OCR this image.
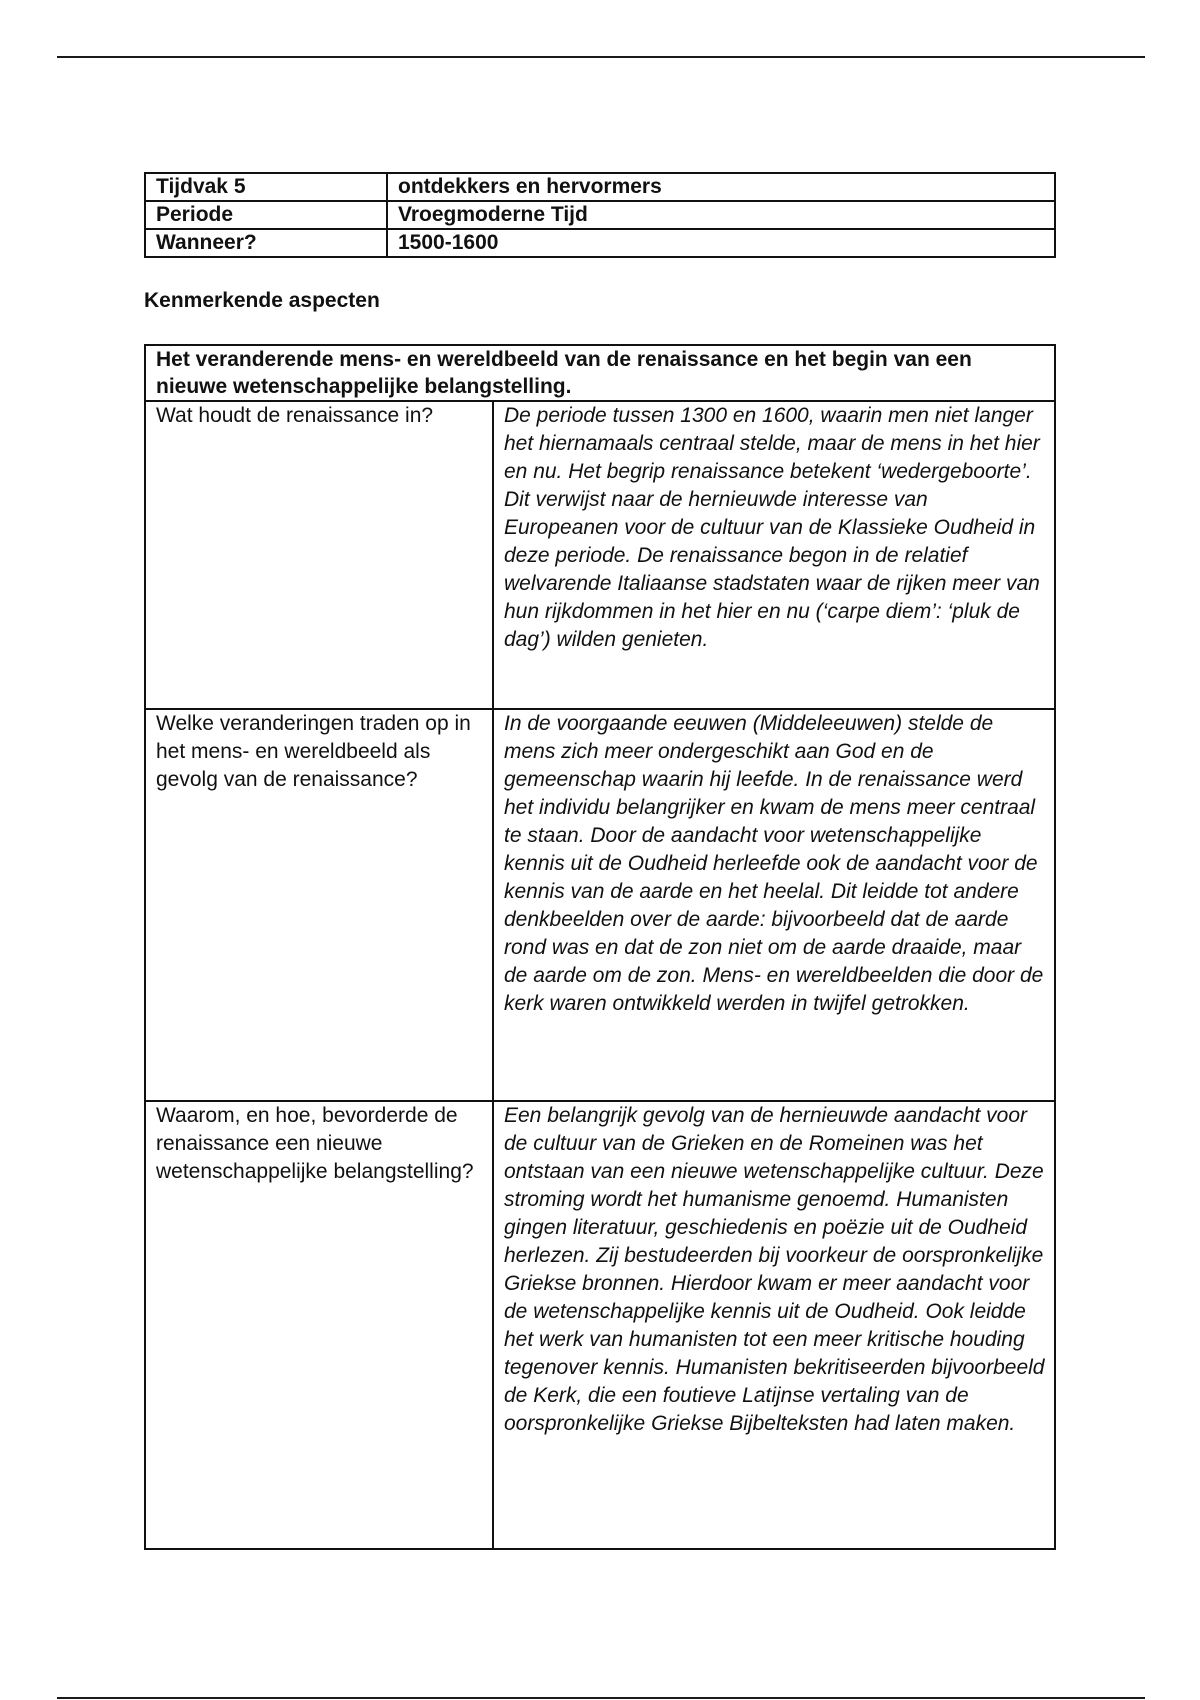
Tijdvak 5	ontdekkers en hervormers
Periode	Vroegmoderne Tijd
Wanneer?	1500-1600
Kenmerkende aspecten
Het veranderende mens- en wereldbeeld van de renaissance en het begin van een nieuwe wetenschappelijke belangstelling.	
Wat houdt de renaissance in?	De periode tussen 1300 en 1600, waarin men niet langer het hiernamaals centraal stelde, maar de mens in het hier en nu. Het begrip renaissance betekent ‘wedergeboorte’. Dit verwijst naar de hernieuwde interesse van Europeanen voor de cultuur van de Klassieke Oudheid in deze periode. De renaissance begon in de relatief welvarende Italiaanse stadstaten waar de rijken meer van hun rijkdommen in het hier en nu (‘carpe diem’: ‘pluk de dag’) wilden genieten.
Welke veranderingen traden op in het mens- en wereldbeeld als gevolg van de renaissance?	In de voorgaande eeuwen (Middeleeuwen) stelde de mens zich meer ondergeschikt aan God en de gemeenschap waarin hij leefde. In de renaissance werd het individu belangrijker en kwam de mens meer centraal te staan. Door de aandacht voor wetenschappelijke kennis uit de Oudheid herleefde ook de aandacht voor de kennis van de aarde en het heelal. Dit leidde tot andere denkbeelden over de aarde: bijvoorbeeld dat de aarde rond was en dat de zon niet om de aarde draaide, maar de aarde om de zon. Mens- en wereldbeelden die door de kerk waren ontwikkeld werden in twijfel getrokken.
Waarom, en hoe, bevorderde de renaissance een nieuwe wetenschappelijke belangstelling?	Een belangrijk gevolg van de hernieuwde aandacht voor de cultuur van de Grieken en de Romeinen was het ontstaan van een nieuwe wetenschappelijke cultuur. Deze stroming wordt het humanisme genoemd. Humanisten gingen literatuur, geschiedenis en poëzie uit de Oudheid herlezen. Zij bestudeerden bij voorkeur de oorspronkelijke Griekse bronnen. Hierdoor kwam er meer aandacht voor de wetenschappelijke kennis uit de Oudheid. Ook leidde het werk van humanisten tot een meer kritische houding tegenover kennis. Humanisten bekritiseerden bijvoorbeeld de Kerk, die een foutieve Latijnse vertaling van de oorspronkelijke Griekse Bijbelteksten had laten maken.
